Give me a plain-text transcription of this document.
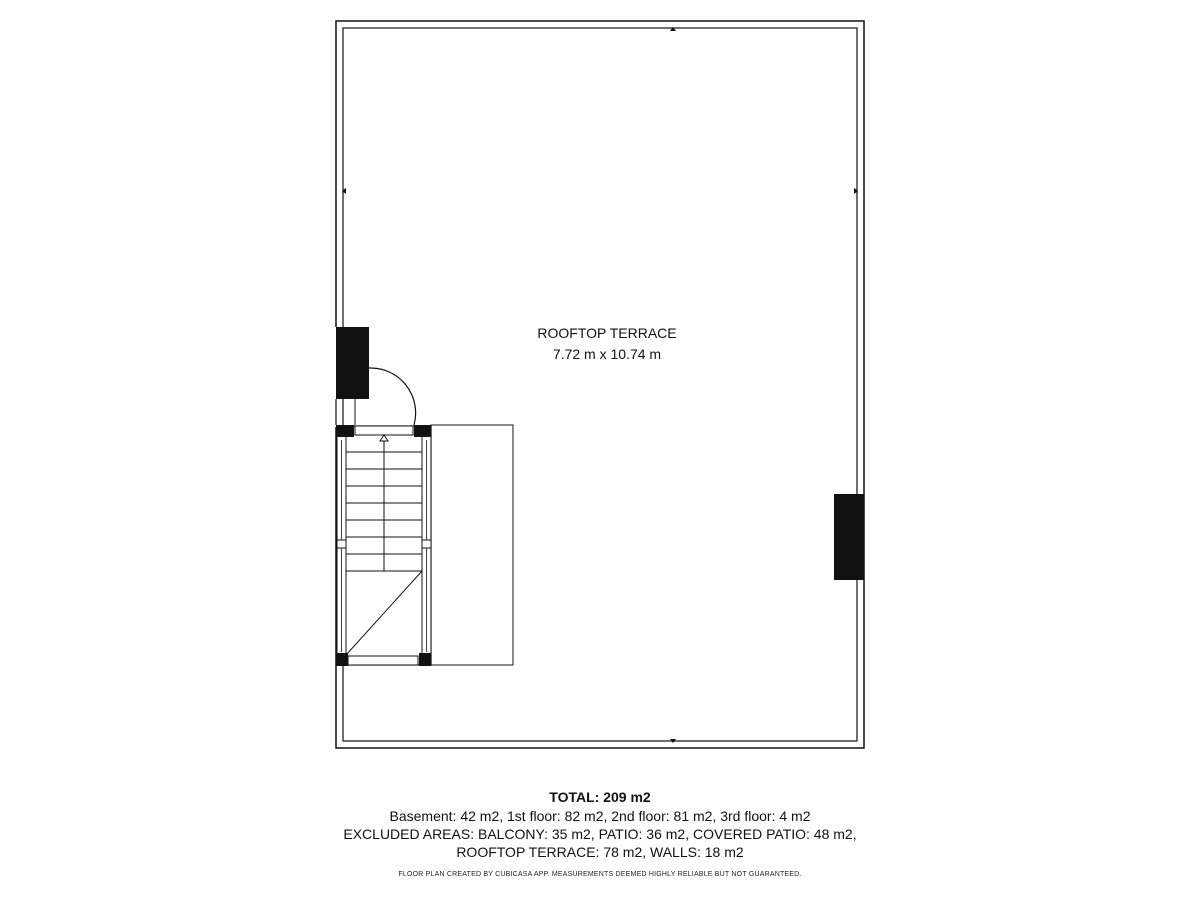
ROOFTOP TERRACE
7.72 m x 10.74 m
TOTAL: 209 m2
Basement: 42 m2, 1st floor: 82 m2, 2nd floor: 81 m2, 3rd floor: 4 m2
EXCLUDED AREAS: BALCONY: 35 m2, PATIO: 36 m2, COVERED PATIO: 48 m2,
ROOFTOP TERRACE: 78 m2, WALLS: 18 m2
FLOOR PLAN CREATED BY CUBICASA APP. MEASUREMENTS DEEMED HIGHLY RELIABLE BUT NOT GUARANTEED.
